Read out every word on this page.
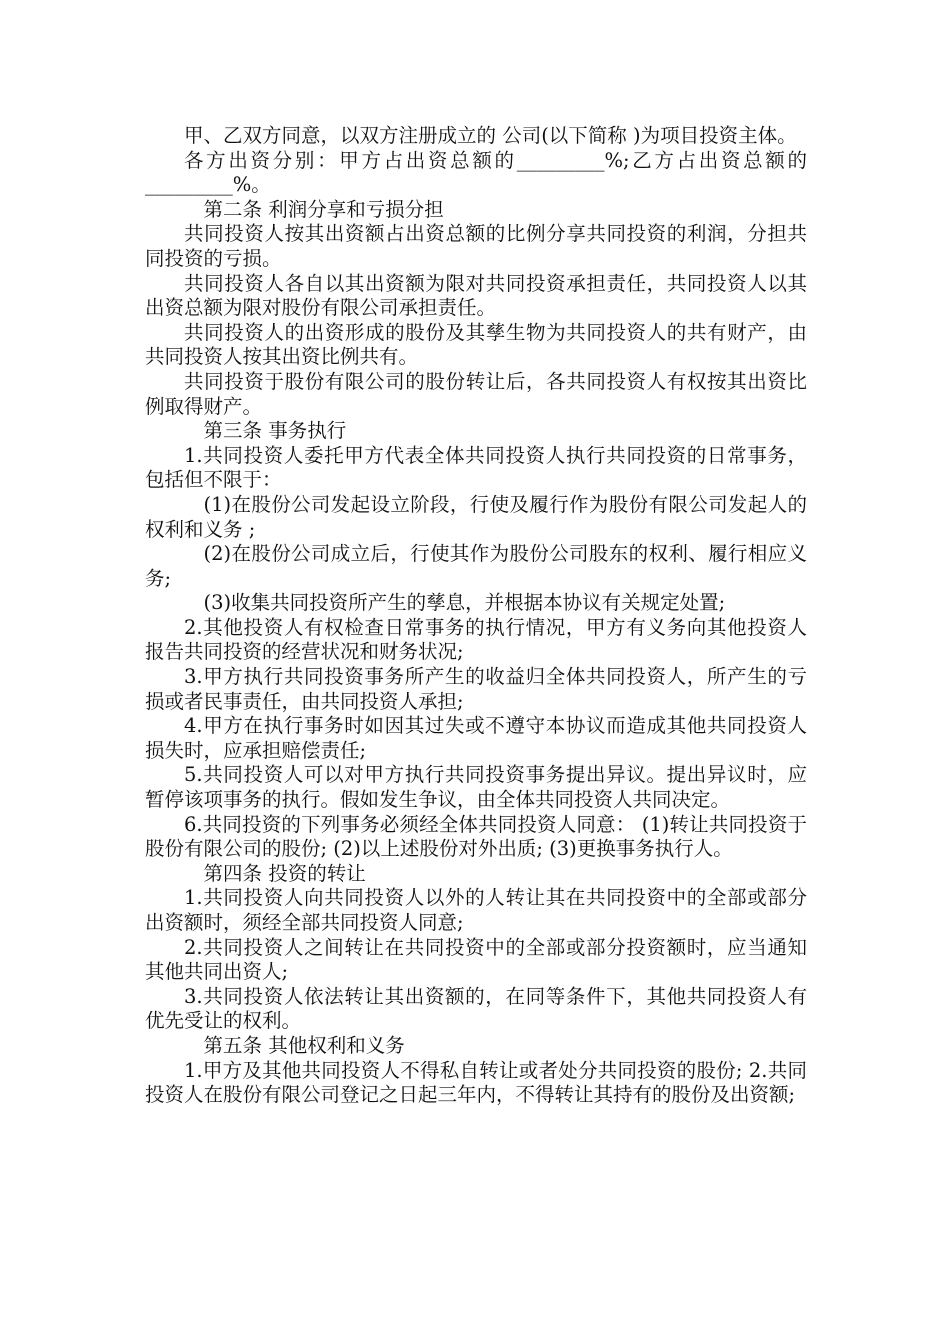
甲、乙双方同意，以双方注册成立的 公司(以下简称 )为项目投资主体。

各方出资分别：甲方占出资总额的_________%;乙方占出资总额的_________%。

第二条 利润分享和亏损分担

共同投资人按其出资额占出资总额的比例分享共同投资的利润，分担共同投资的亏损。

共同投资人各自以其出资额为限对共同投资承担责任，共同投资人以其出资总额为限对股份有限公司承担责任。

共同投资人的出资形成的股份及其孳生物为共同投资人的共有财产，由共同投资人按其出资比例共有。

共同投资于股份有限公司的股份转让后，各共同投资人有权按其出资比例取得财产。

第三条 事务执行

1.共同投资人委托甲方代表全体共同投资人执行共同投资的日常事务，包括但不限于：

(1)在股份公司发起设立阶段，行使及履行作为股份有限公司发起人的权利和义务 ;

(2)在股份公司成立后，行使其作为股份公司股东的权利、履行相应义务;

(3)收集共同投资所产生的孳息，并根据本协议有关规定处置;

2.其他投资人有权检查日常事务的执行情况，甲方有义务向其他投资人报告共同投资的经营状况和财务状况;

3.甲方执行共同投资事务所产生的收益归全体共同投资人，所产生的亏损或者民事责任，由共同投资人承担;

4.甲方在执行事务时如因其过失或不遵守本协议而造成其他共同投资人损失时，应承担赔偿责任;

5.共同投资人可以对甲方执行共同投资事务提出异议。提出异议时，应暂停该项事务的执行。假如发生争议，由全体共同投资人共同决定。

6.共同投资的下列事务必须经全体共同投资人同意： (1)转让共同投资于股份有限公司的股份; (2)以上述股份对外出质; (3)更换事务执行人。

第四条 投资的转让

1.共同投资人向共同投资人以外的人转让其在共同投资中的全部或部分出资额时，须经全部共同投资人同意;

2.共同投资人之间转让在共同投资中的全部或部分投资额时，应当通知其他共同出资人;

3.共同投资人依法转让其出资额的，在同等条件下，其他共同投资人有优先受让的权利。

第五条 其他权利和义务

1.甲方及其他共同投资人不得私自转让或者处分共同投资的股份; 2.共同投资人在股份有限公司登记之日起三年内，不得转让其持有的股份及出资额;
